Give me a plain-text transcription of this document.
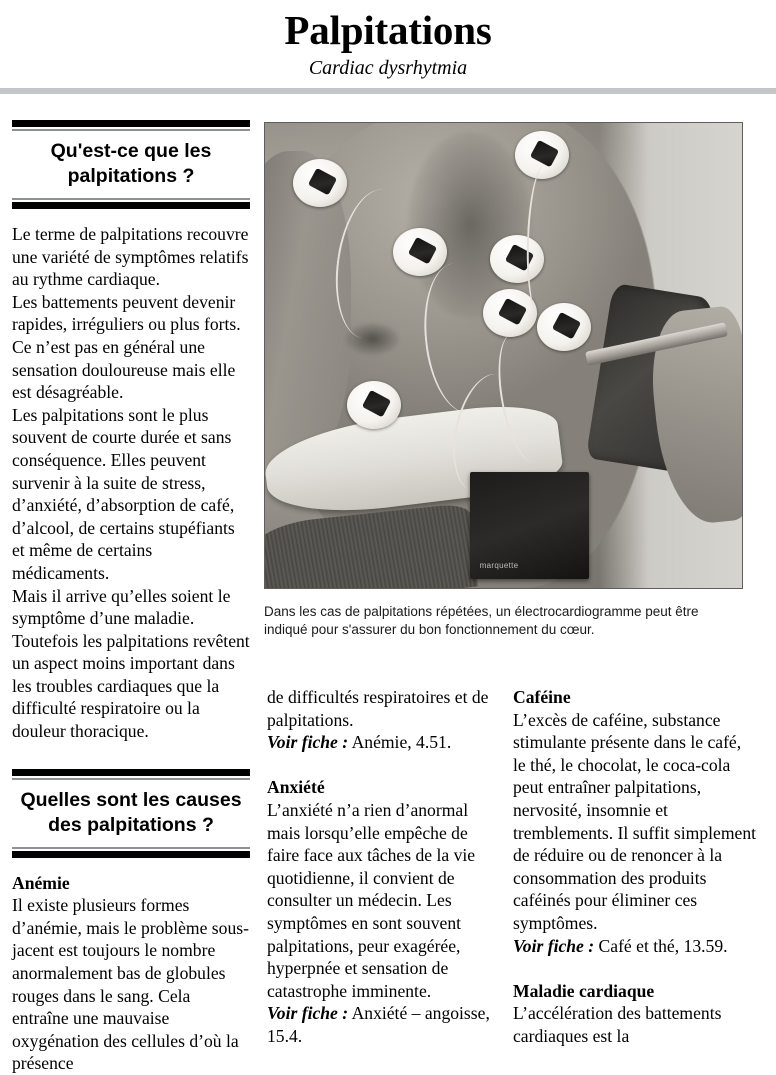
Palpitations
Cardiac dysrhytmia
Qu'est-ce que les palpitations ?

Le terme de palpitations recouvre une variété de symptômes relatifs au rythme cardiaque.

Les battements peuvent devenir rapides, irréguliers ou plus forts. Ce n’est pas en général une sensation douloureuse mais elle est désagréable.

Les palpitations sont le plus souvent de courte durée et sans conséquence. Elles peuvent survenir à la suite de stress, d’anxiété, d’absorption de café, d’alcool, de certains stupéfiants et même de certains médicaments.

Mais il arrive qu’elles soient le symptôme d’une maladie. Toutefois les palpitations revêtent un aspect moins important dans les troubles cardiaques que la difficulté respiratoire ou la douleur thoracique.

Quelles sont les causes des palpitations ?
Anémie

Il existe plusieurs formes d’anémie, mais le problème sous-jacent est toujours le nombre anormalement bas de globules rouges dans le sang. Cela entraîne une mauvaise oxygénation des cellules d’où la présence

marquette
Dans les cas de palpitations répétées, un électrocardiogramme peut être indiqué pour s'assurer du bon fonctionnement du cœur.

de difficultés respiratoires et de palpitations.

Voir fiche : Anémie, 4.51.

Anxiété

L’anxiété n’a rien d’anormal mais lorsqu’elle empêche de faire face aux tâches de la vie quotidienne, il convient de consulter un médecin. Les symptômes en sont souvent palpitations, peur exagérée, hyperpnée et sensation de catastrophe imminente.

Voir fiche : Anxiété – angoisse, 15.4.

Caféine

L’excès de caféine, substance stimulante présente dans le café, le thé, le chocolat, le coca-cola peut entraîner palpitations, nervosité, insomnie et tremblements. Il suffit simplement de réduire ou de renoncer à la consommation des produits caféinés pour éliminer ces symptômes.

Voir fiche : Café et thé, 13.59.

Maladie cardiaque

L’accélération des battements cardiaques est la
